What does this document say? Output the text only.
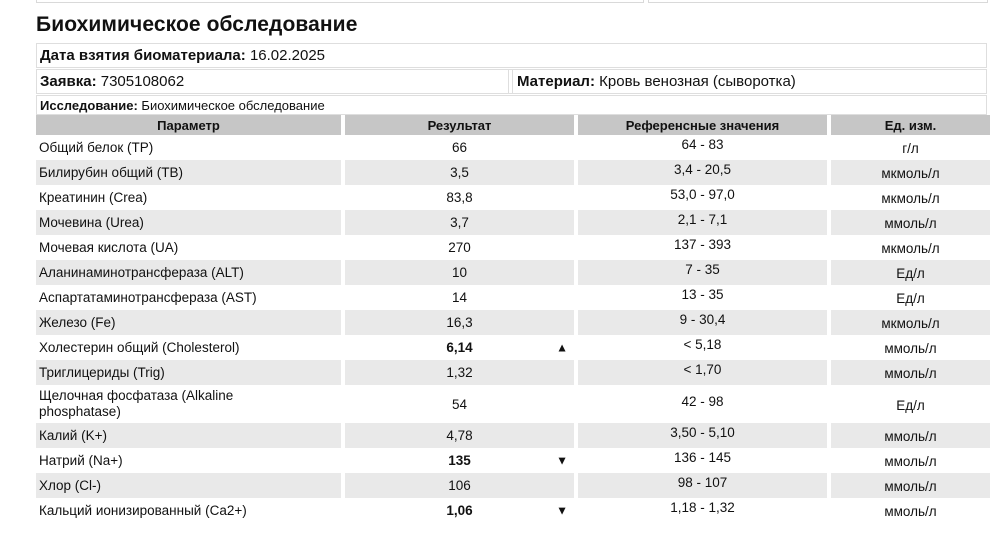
Биохимическое обследование
Дата взятия биоматериала:
16.02.2025
Заявка:
7305108062	Материал:
Кровь венозная (сыворотка)
Исследование:
Биохимическое обследование
Параметр	Результат	Референсные значения	Ед. изм.

Общий белок (TP)	66	64 - 83	г/л

Билирубин общий (TB)	3,5	3,4 - 20,5	мкмоль/л

Креатинин (Crea)	83,8	53,0 - 97,0	мкмоль/л

Мочевина (Urea)	3,7	2,1 - 7,1	ммоль/л

Мочевая кислота (UA)	270	137 - 393	мкмоль/л

Аланинаминотрансфераза (ALT)	10	7 - 35	Ед/л

Аспартатаминотрансфераза (AST)	14	13 - 35	Ед/л

Железо (Fe)	16,3	9 - 30,4	мкмоль/л

Холестерин общий (Cholesterol)	6,14 ▲	< 5,18	ммоль/л

Триглицериды (Trig)	1,32	< 1,70	ммоль/л

Щелочная фосфатаза (Alkaline phosphatase)	54	42 - 98	Ед/л

Калий (K+)	4,78	3,50 - 5,10	ммоль/л

Натрий (Na+)	135 ▼	136 - 145	ммоль/л

Хлор (Cl-)	106	98 - 107	ммоль/л

Кальций ионизированный (Ca2+)	1,06 ▼	1,18 - 1,32	ммоль/л
